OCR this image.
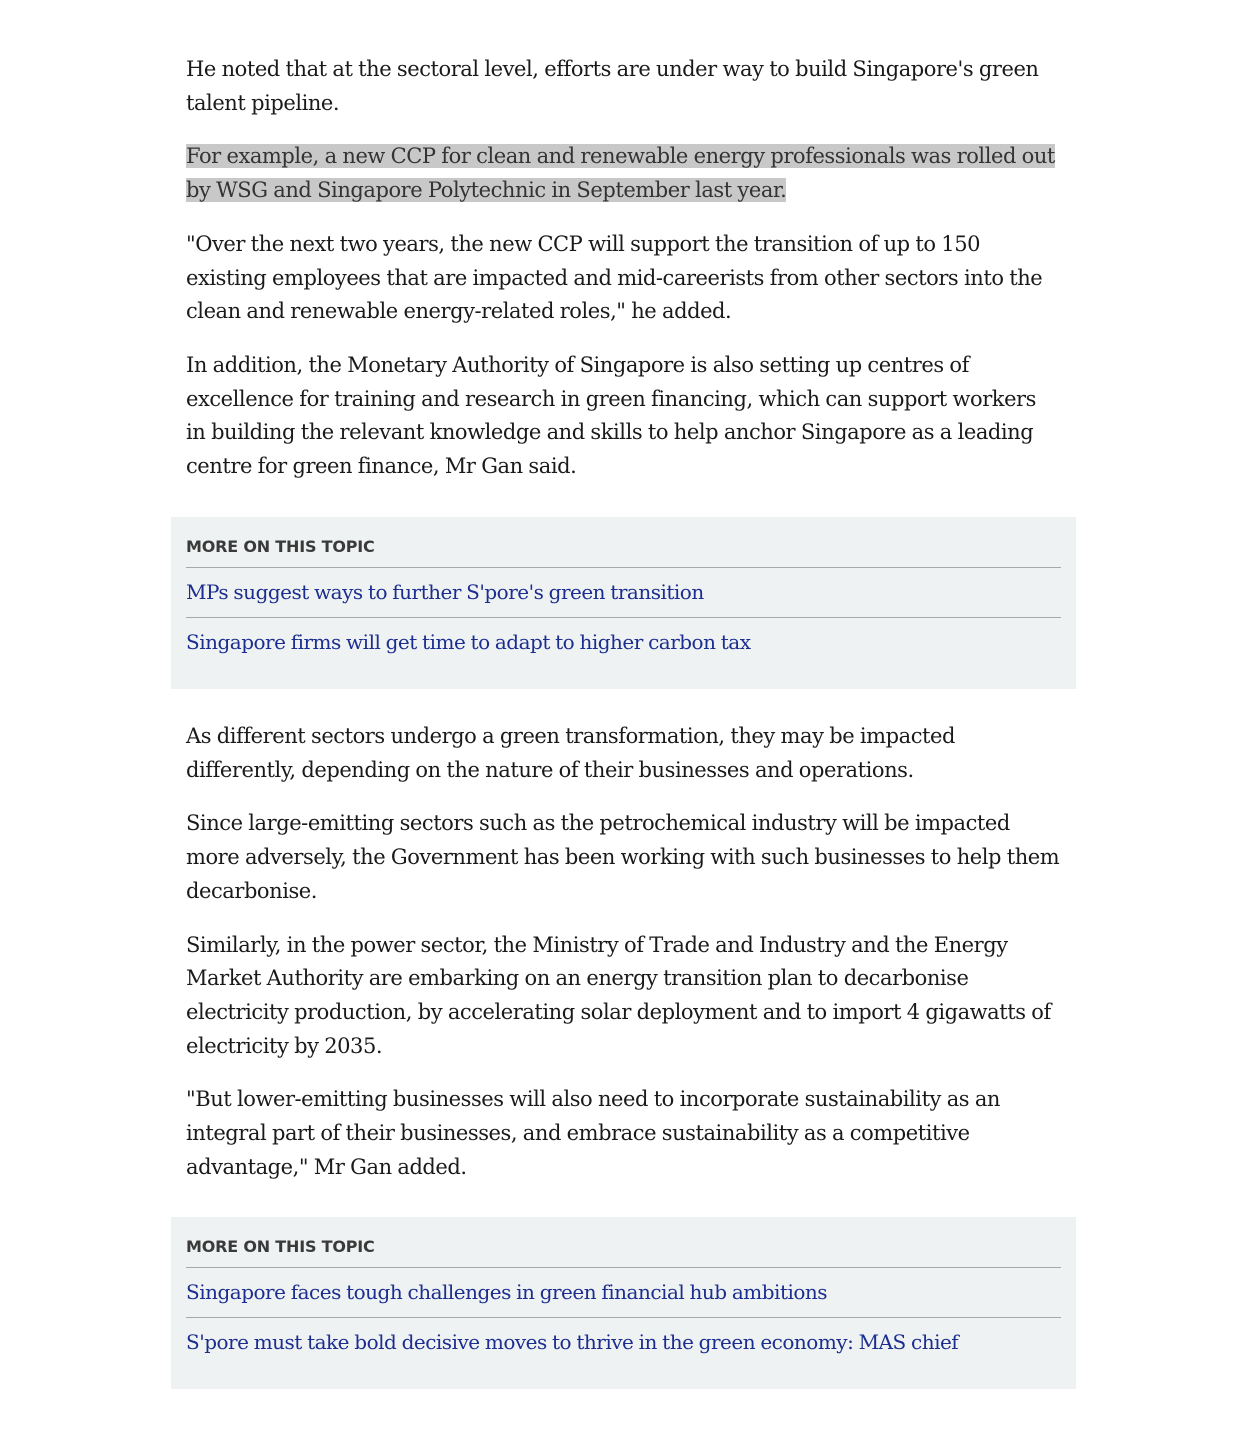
He noted that at the sectoral level, efforts are under way to build Singapore's green talent pipeline.

For example, a new CCP for clean and renewable energy professionals was rolled out by WSG and Singapore Polytechnic in September last year.

"Over the next two years, the new CCP will support the transition of up to 150 existing employees that are impacted and mid-careerists from other sectors into the clean and renewable energy-related roles," he added.

In addition, the Monetary Authority of Singapore is also setting up centres of excellence for training and research in green financing, which can support workers in building the relevant knowledge and skills to help anchor Singapore as a leading centre for green finance, Mr Gan said.

MORE ON THIS TOPIC

MPs suggest ways to further S'pore's green transition
Singapore firms will get time to adapt to higher carbon tax

As different sectors undergo a green transformation, they may be impacted differently, depending on the nature of their businesses and operations.

Since large-emitting sectors such as the petrochemical industry will be impacted more adversely, the Government has been working with such businesses to help them decarbonise.

Similarly, in the power sector, the Ministry of Trade and Industry and the Energy Market Authority are embarking on an energy transition plan to decarbonise electricity production, by accelerating solar deployment and to import 4 gigawatts of electricity by 2035.

"But lower-emitting businesses will also need to incorporate sustainability as an integral part of their businesses, and embrace sustainability as a competitive advantage," Mr Gan added.

MORE ON THIS TOPIC

Singapore faces tough challenges in green financial hub ambitions
S'pore must take bold decisive moves to thrive in the green economy: MAS chief
